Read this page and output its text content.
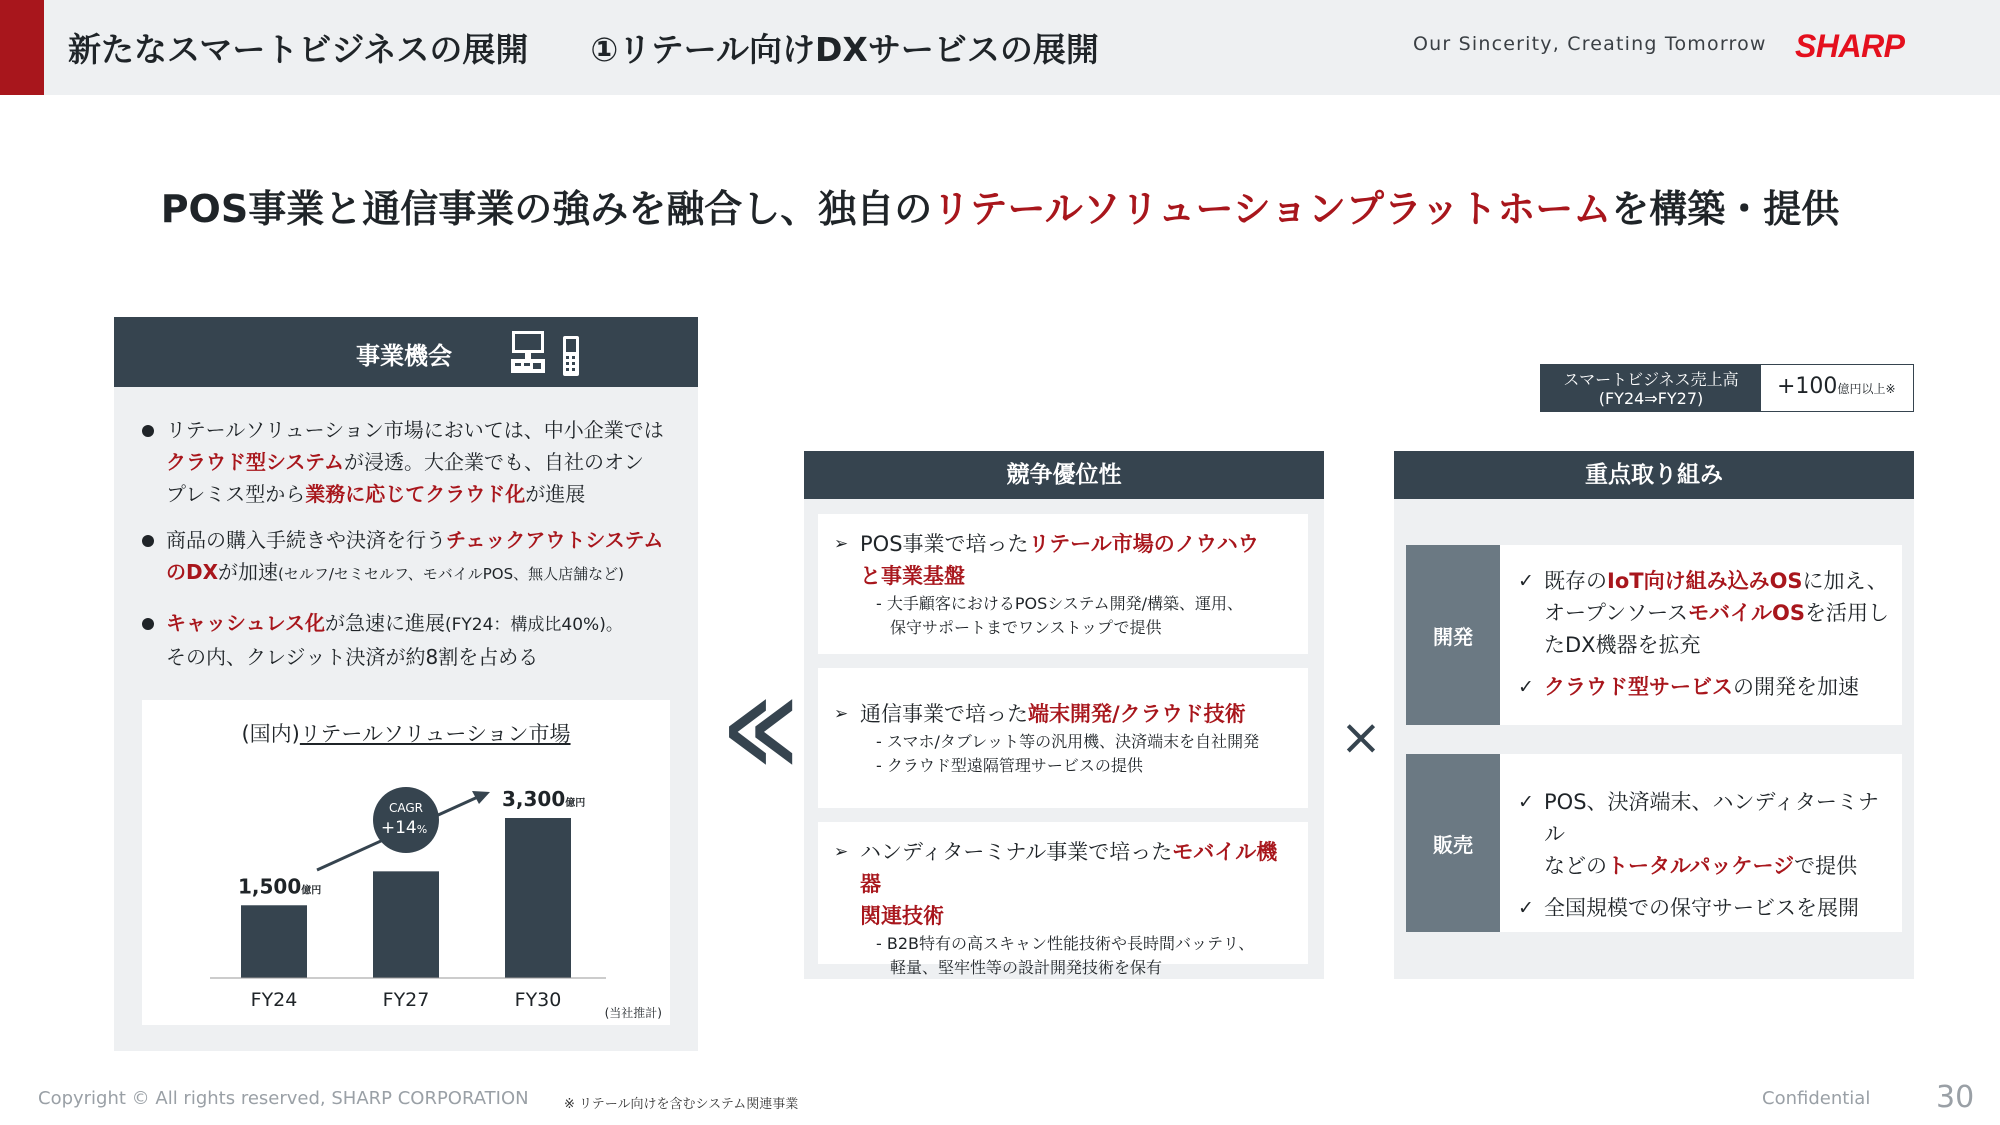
新たなスマートビジネスの展開 ①リテール向けDXサービスの展開	Our Sincerity, Creating Tomorrow SHARP
POS事業と通信事業の強みを融合し、独自のリテールソリューションプラットホームを構築・提供
事業機会
リテールソリューション市場においては、中小企業では
クラウド型システムが浸透。大企業でも、自社のオン
プレミス型から業務に応じてクラウド化が進展
商品の購入手続きや決済を行うチェックアウトシステム
のDXが加速(セルフ/セミセルフ、モバイルPOS、無人店舗など)
キャッシュレス化が急速に進展(FY24：構成比40%)。
その内、クレジット決済が約8割を占める
(国内)リテールソリューション市場
FY24
1,500億円
FY27	FY30
3,300億円
CAGR
+14%
(当社推計)
≪
競争優位性
➢ POS事業で培ったリテール市場のノウハウ
と事業基盤
- 大手顧客におけるPOSシステム開発/構築、運用、
保守サポートまでワンストップで提供
➢ 通信事業で培った端末開発/クラウド技術
- スマホ/タブレット等の汎用機、決済端末を自社開発
- クラウド型遠隔管理サービスの提供
➢ ハンディターミナル事業で培ったモバイル機器
関連技術
- B2B特有の高スキャン性能技術や長時間バッテリ、
軽量、堅牢性等の設計開発技術を保有
×
スマートビジネス売上高
(FY24⇒FY27)	+100億円以上※
重点取り組み
開発
✓ 既存のIoT向け組み込みOSに加え、
オープンソースモバイルOSを活用し
たDX機器を拡充
✓ クラウド型サービスの開発を加速
販売
✓ POS、決済端末、ハンディターミナル
などのトータルパッケージで提供
✓ 全国規模での保守サービスを展開
Copyright © All rights reserved, SHARP CORPORATION	※ リテール向けを含むシステム関連事業	Confidential 30
